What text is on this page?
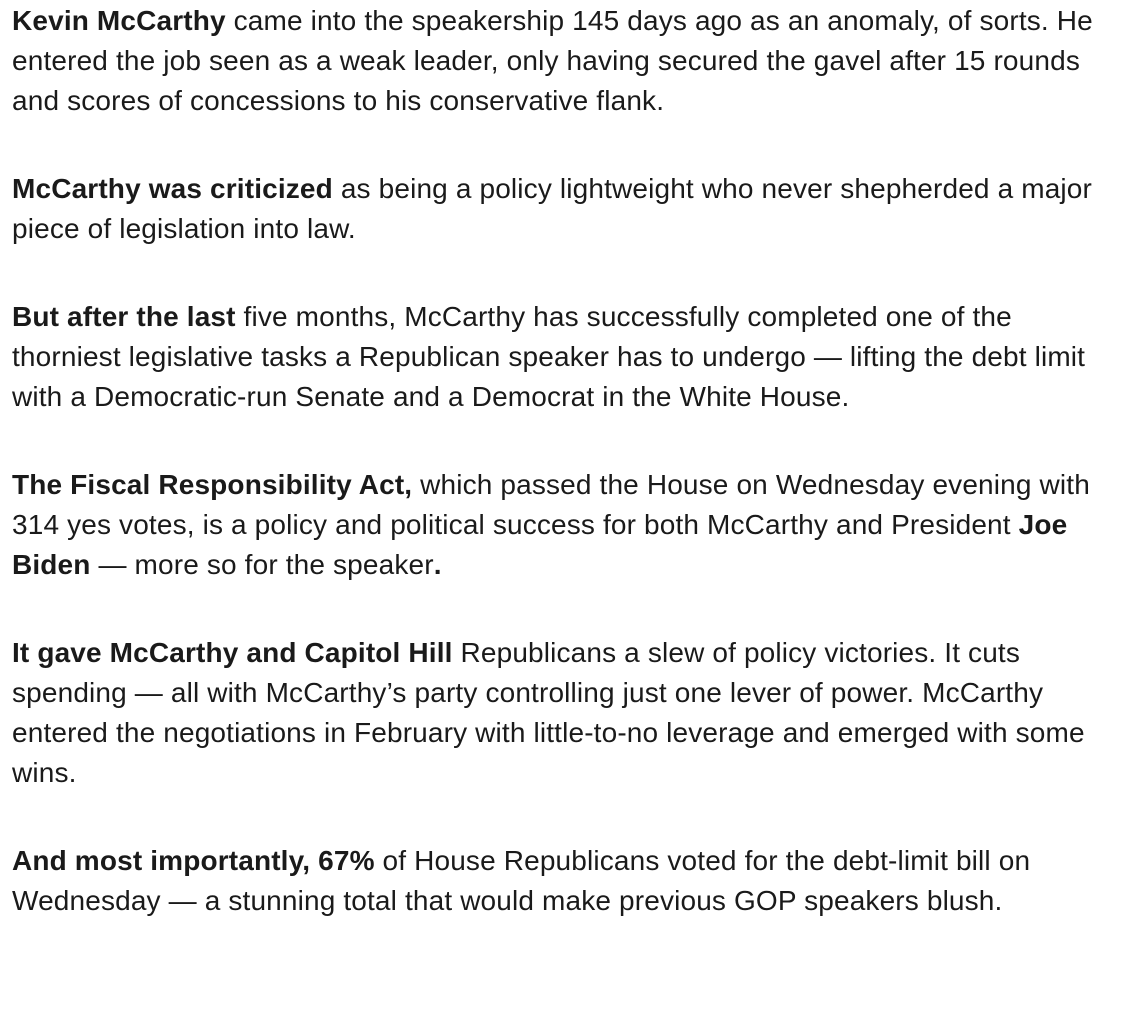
Kevin McCarthy came into the speakership 145 days ago as an anomaly, of sorts. He entered the job seen as a weak leader, only having secured the gavel after 15 rounds and scores of concessions to his conservative flank.

McCarthy was criticized as being a policy lightweight who never shepherded a major piece of legislation into law.

But after the last five months, McCarthy has successfully completed one of the thorniest legislative tasks a Republican speaker has to undergo — lifting the debt limit with a Democratic-run Senate and a Democrat in the White House.

The Fiscal Responsibility Act, which passed the House on Wednesday evening with 314 yes votes, is a policy and political success for both McCarthy and President Joe Biden — more so for the speaker.

It gave McCarthy and Capitol Hill Republicans a slew of policy victories. It cuts spending — all with McCarthy’s party controlling just one lever of power. McCarthy entered the negotiations in February with little-to-no leverage and emerged with some wins.

And most importantly, 67% of House Republicans voted for the debt-limit bill on Wednesday — a stunning total that would make previous GOP speakers blush.
